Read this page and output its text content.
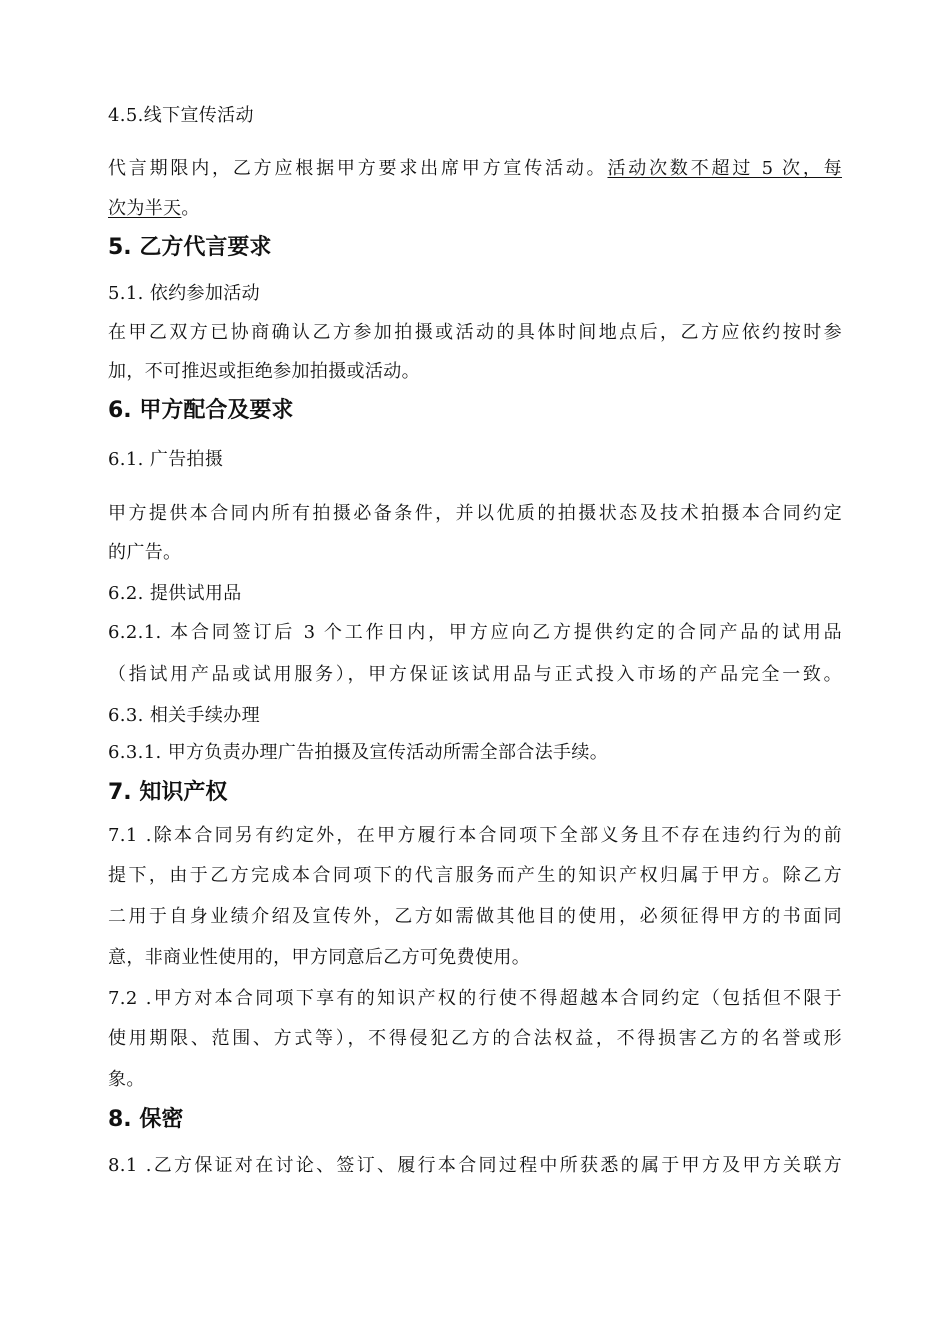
4.5.线下宣传活动
代言期限内，乙方应根据甲方要求出席甲方宣传活动。活动次数不超过 5 次，每
次为半天。
5. 乙方代言要求
5.1. 依约参加活动
在甲乙双方已协商确认乙方参加拍摄或活动的具体时间地点后，乙方应依约按时参
加，不可推迟或拒绝参加拍摄或活动。
6. 甲方配合及要求
6.1. 广告拍摄
甲方提供本合同内所有拍摄必备条件，并以优质的拍摄状态及技术拍摄本合同约定
的广告。
6.2. 提供试用品
6.2.1. 本合同签订后 3 个工作日内，甲方应向乙方提供约定的合同产品的试用品
（指试用产品或试用服务），甲方保证该试用品与正式投入市场的产品完全一致。
6.3. 相关手续办理
6.3.1. 甲方负责办理广告拍摄及宣传活动所需全部合法手续。
7. 知识产权
7.1 .除本合同另有约定外，在甲方履行本合同项下全部义务且不存在违约行为的前
提下，由于乙方完成本合同项下的代言服务而产生的知识产权归属于甲方。除乙方
二用于自身业绩介绍及宣传外，乙方如需做其他目的使用，必须征得甲方的书面同
意，非商业性使用的，甲方同意后乙方可免费使用。
7.2 .甲方对本合同项下享有的知识产权的行使不得超越本合同约定（包括但不限于
使用期限、范围、方式等），不得侵犯乙方的合法权益，不得损害乙方的名誉或形
象。
8. 保密
8.1 .乙方保证对在讨论、签订、履行本合同过程中所获悉的属于甲方及甲方关联方
